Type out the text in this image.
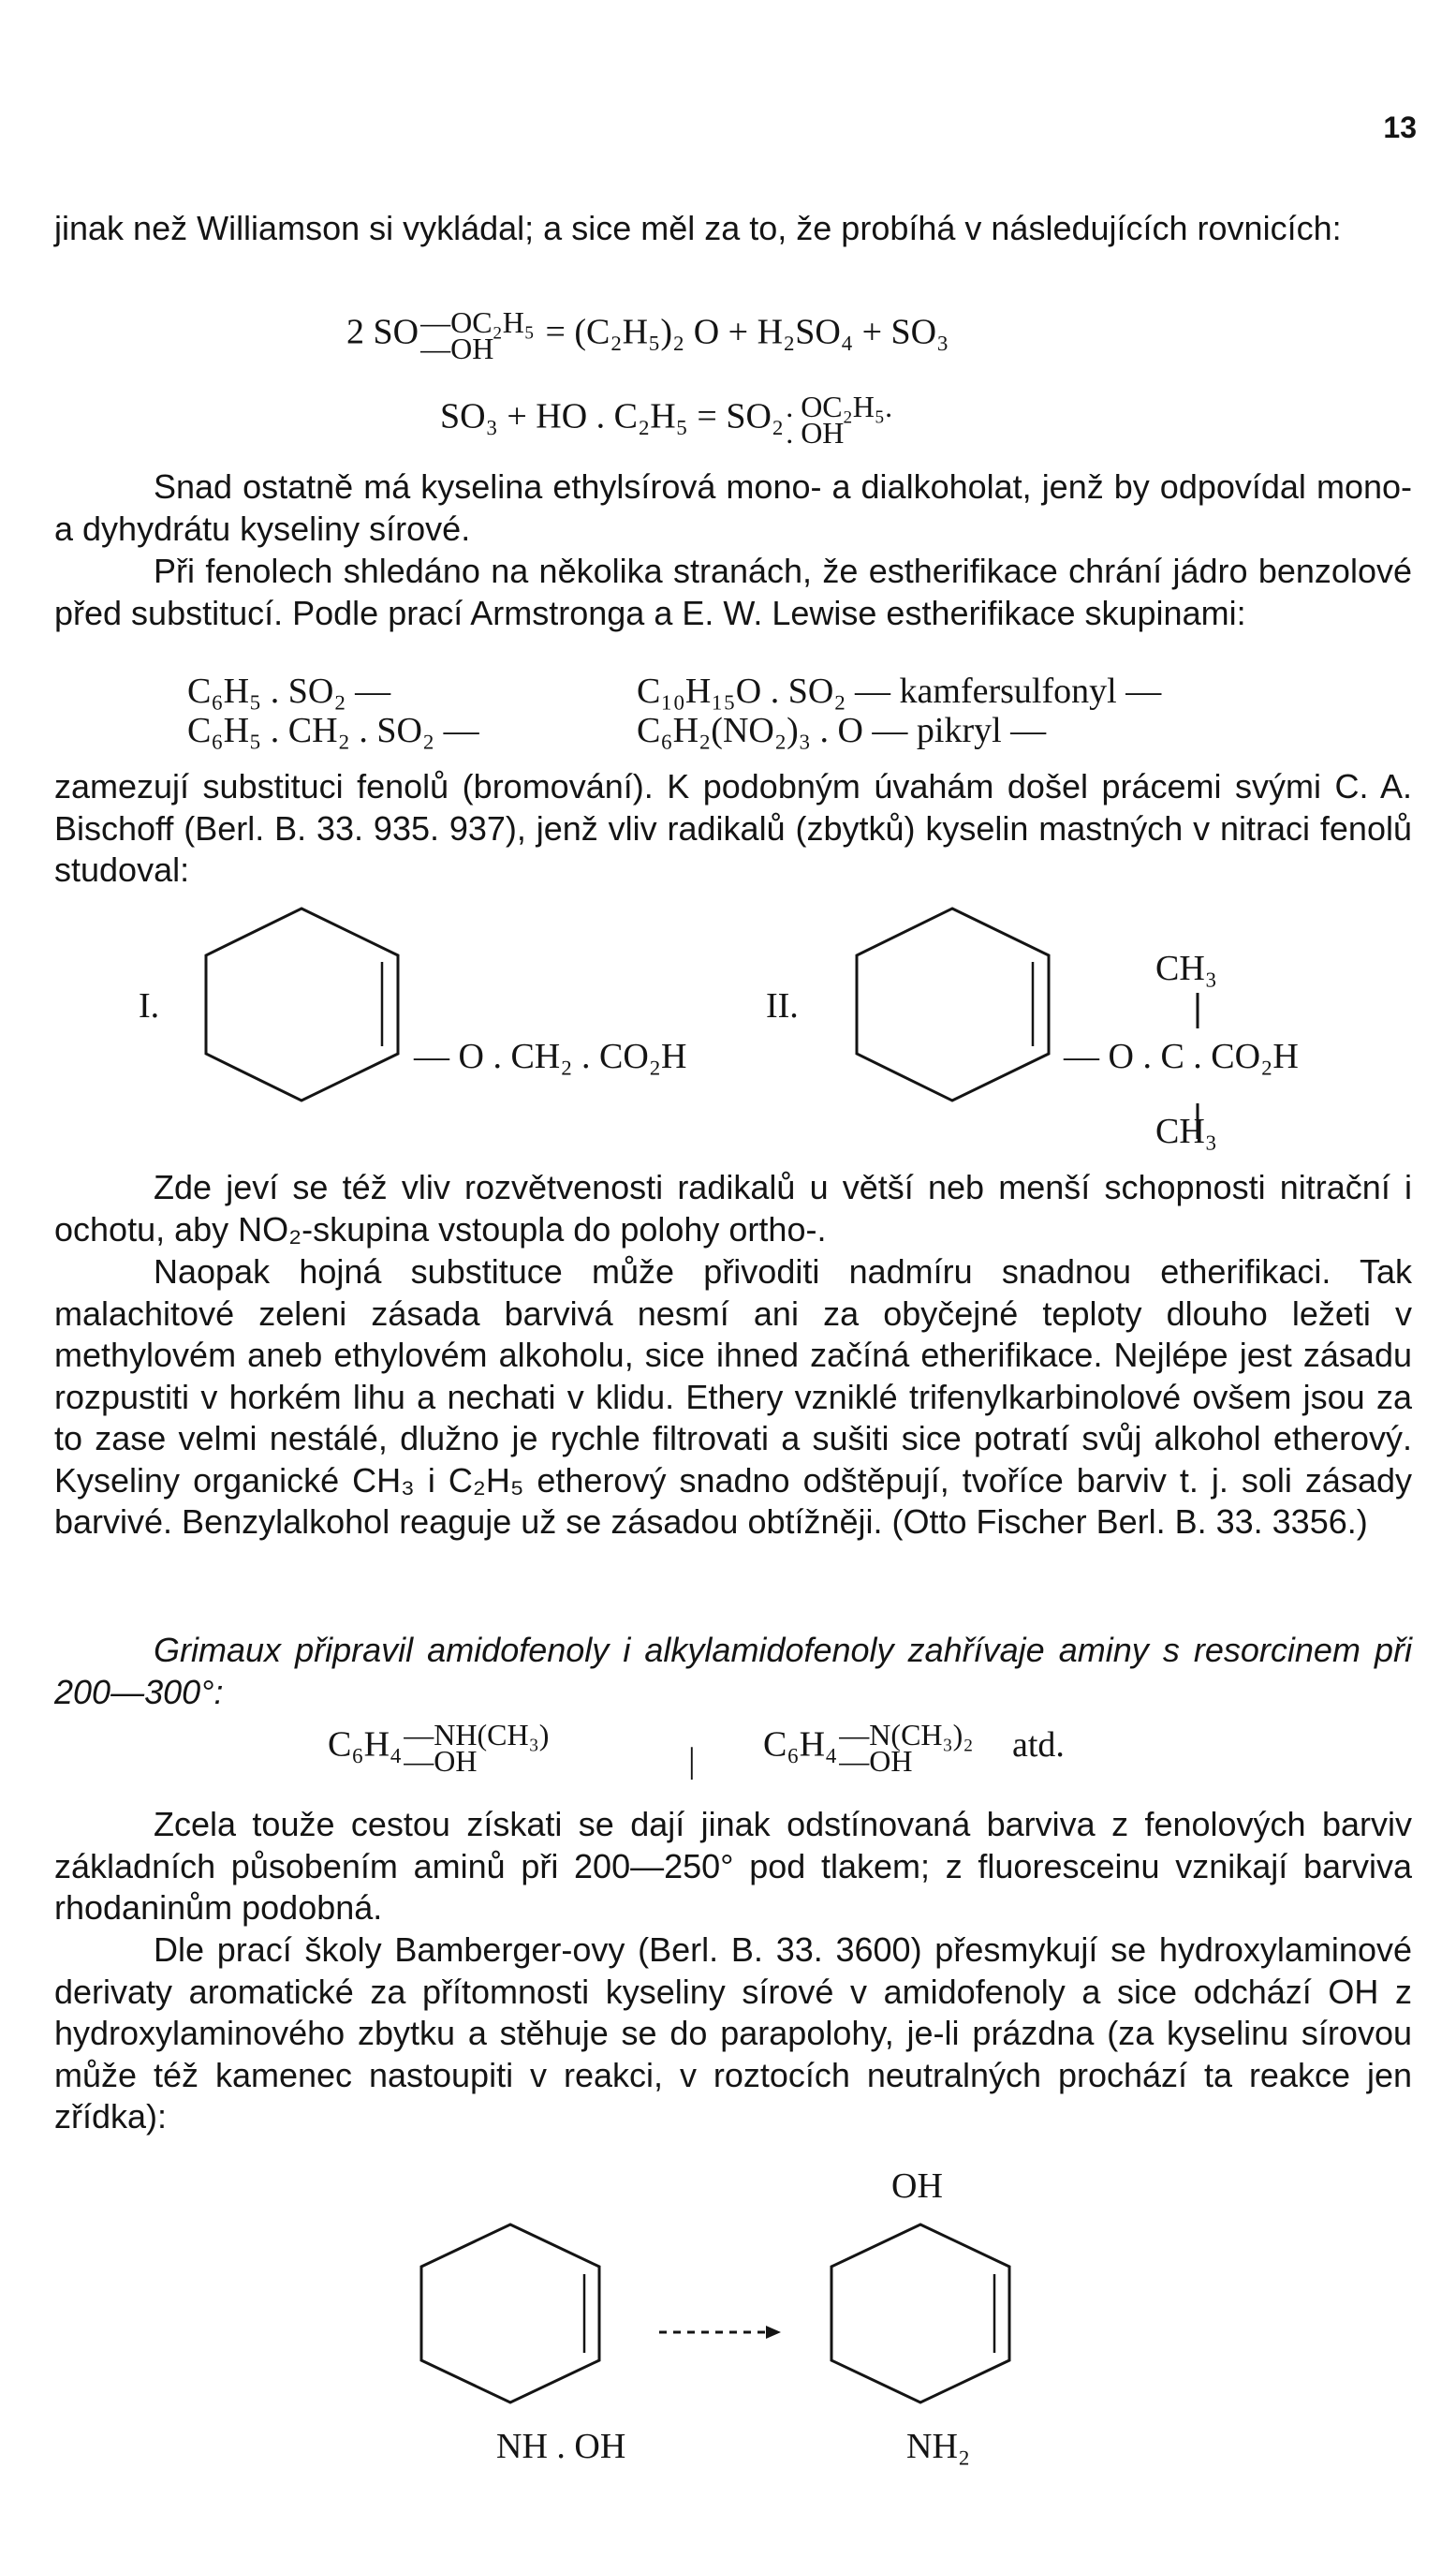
13
jinak než Williamson si vykládal; a sice měl za to, že probíhá v následujících rovnicích:
2 SO—OC₂H₅
—OH = (C₂H₅)₂ O + H₂SO₄ + SO₃
SO₃ + HO . C₂H₅ = SO₂. OC₂H₅.
. OH
Snad ostatně má kyselina ethylsírová mono- a dialkoholat, jenž by odpovídal mono- a dyhydrátu kyseliny sírové.
Při fenolech shledáno na několika stranách, že estherifikace chrání jádro benzolové před substitucí. Podle prací Armstronga a E. W. Lewise estherifikace skupinami:
C₆H₅ . SO₂ —	C₁₀H₁₅O . SO₂ — kamfersulfonyl —
C₆H₅ . CH₂ . SO₂ —	C₆H₂(NO₂)₃ . O — pikryl —
zamezují substituci fenolů (bromování). K podobným úvahám došel prácemi svými C. A. Bischoff (Berl. B. 33. 935. 937), jenž vliv radikalů (zbytků) kyselin mastných v nitraci fenolů studoval:
I.
— O . CH₂ . CO₂H
II.
CH₃
— O . C . CO₂H
CH₃
Zde jeví se též vliv rozvětvenosti radikalů u větší neb menší schopnosti nitrační i ochotu, aby NO₂-skupina vstoupla do polohy ortho-.
Naopak hojná substituce může přivoditi nadmíru snadnou etherifikaci. Tak malachitové zeleni zásada barvivá nesmí ani za obyčejné teploty dlouho ležeti v methylovém aneb ethylovém alkoholu, sice ihned začíná etherifikace. Nejlépe jest zásadu rozpustiti v horkém lihu a nechati v klidu. Ethery vzniklé trifenylkarbinolové ovšem jsou za to zase velmi nestálé, dlužno je rychle filtrovati a sušiti sice potratí svůj alkohol etherový. Kyseliny organické CH₃ i C₂H₅ etherový snadno odštěpují, tvoříce barviv t. j. soli zásady barvivé. Benzylalkohol reaguje už se zásadou obtížněji. (Otto Fischer Berl. B. 33. 3356.)
Grimaux připravil amidofenoly i alkylamidofenoly zahřívaje aminy s resorcinem při 200—300°:
C₆H₄—NH(CH₃)
—OH	| C₆H₄—N(CH₃)₂
—OH	atd.
Zcela touže cestou získati se dají jinak odstínovaná barviva z fenolových barviv základních působením aminů při 200—250° pod tlakem; z fluoresceinu vznikají barviva rhodaninům podobná.
Dle prací školy Bamberger-ovy (Berl. B. 33. 3600) přesmykují se hydroxylaminové derivaty aromatické za přítomnosti kyseliny sírové v amidofenoly a sice odchází OH z hydroxylaminového zbytku a stěhuje se do parapolohy, je-li prázdna (za kyselinu sírovou může též kamenec nastoupiti v reakci, v roztocích neutralných prochází ta reakce jen zřídka):
NH . OH
OH
NH₂
